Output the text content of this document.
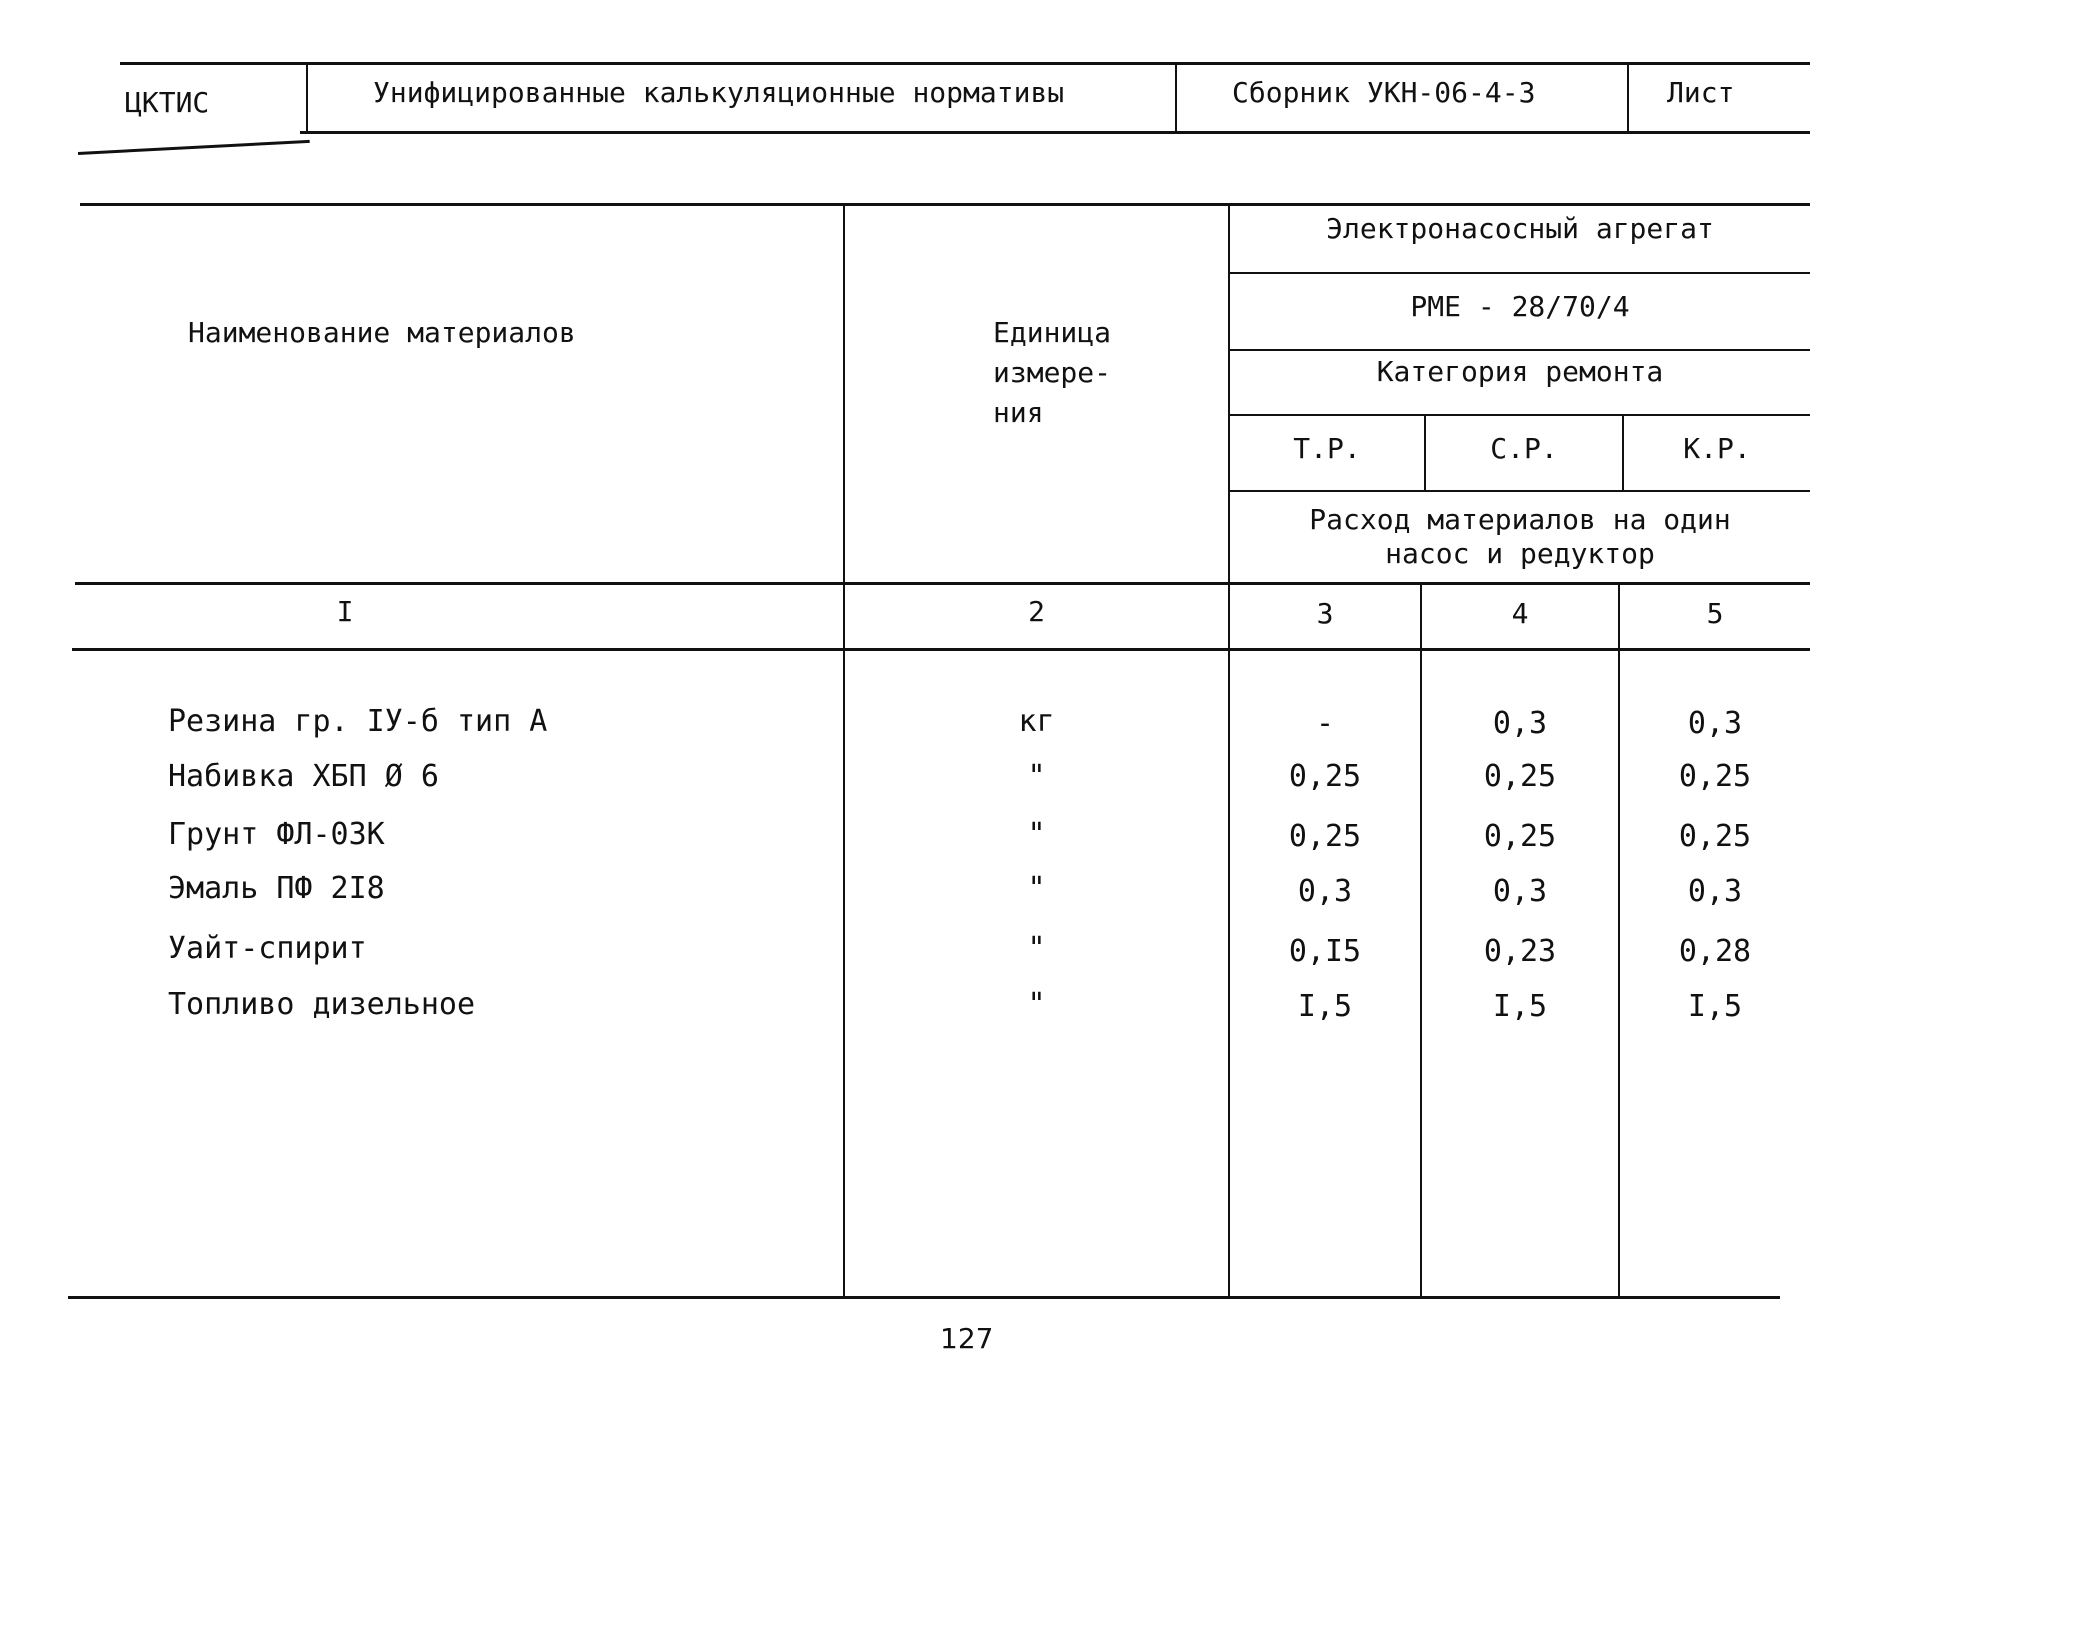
ЦКТИС	Унифицированные калькуляционные нормативы	Сборник УКН-06-4-3	Лист
Наименование материалов	Единица
измере-
ния
Электронасосный агрегат
РМЕ - 28/70/4
Категория ремонта
Т.Р.	С.Р.	К.Р.
Расход материалов на один
насос и редуктор
I	2	3	4	5
Резина гр. IУ-б тип А	кг	-	0,3	0,3
Набивка ХБП Ø 6	"	0,25	0,25	0,25
Грунт ФЛ-03К	"	0,25	0,25	0,25
Эмаль ПФ 2I8	"	0,3	0,3	0,3
Уайт-спирит	"	0,I5	0,23	0,28
Топливо дизельное	"	I,5	I,5	I,5
127
